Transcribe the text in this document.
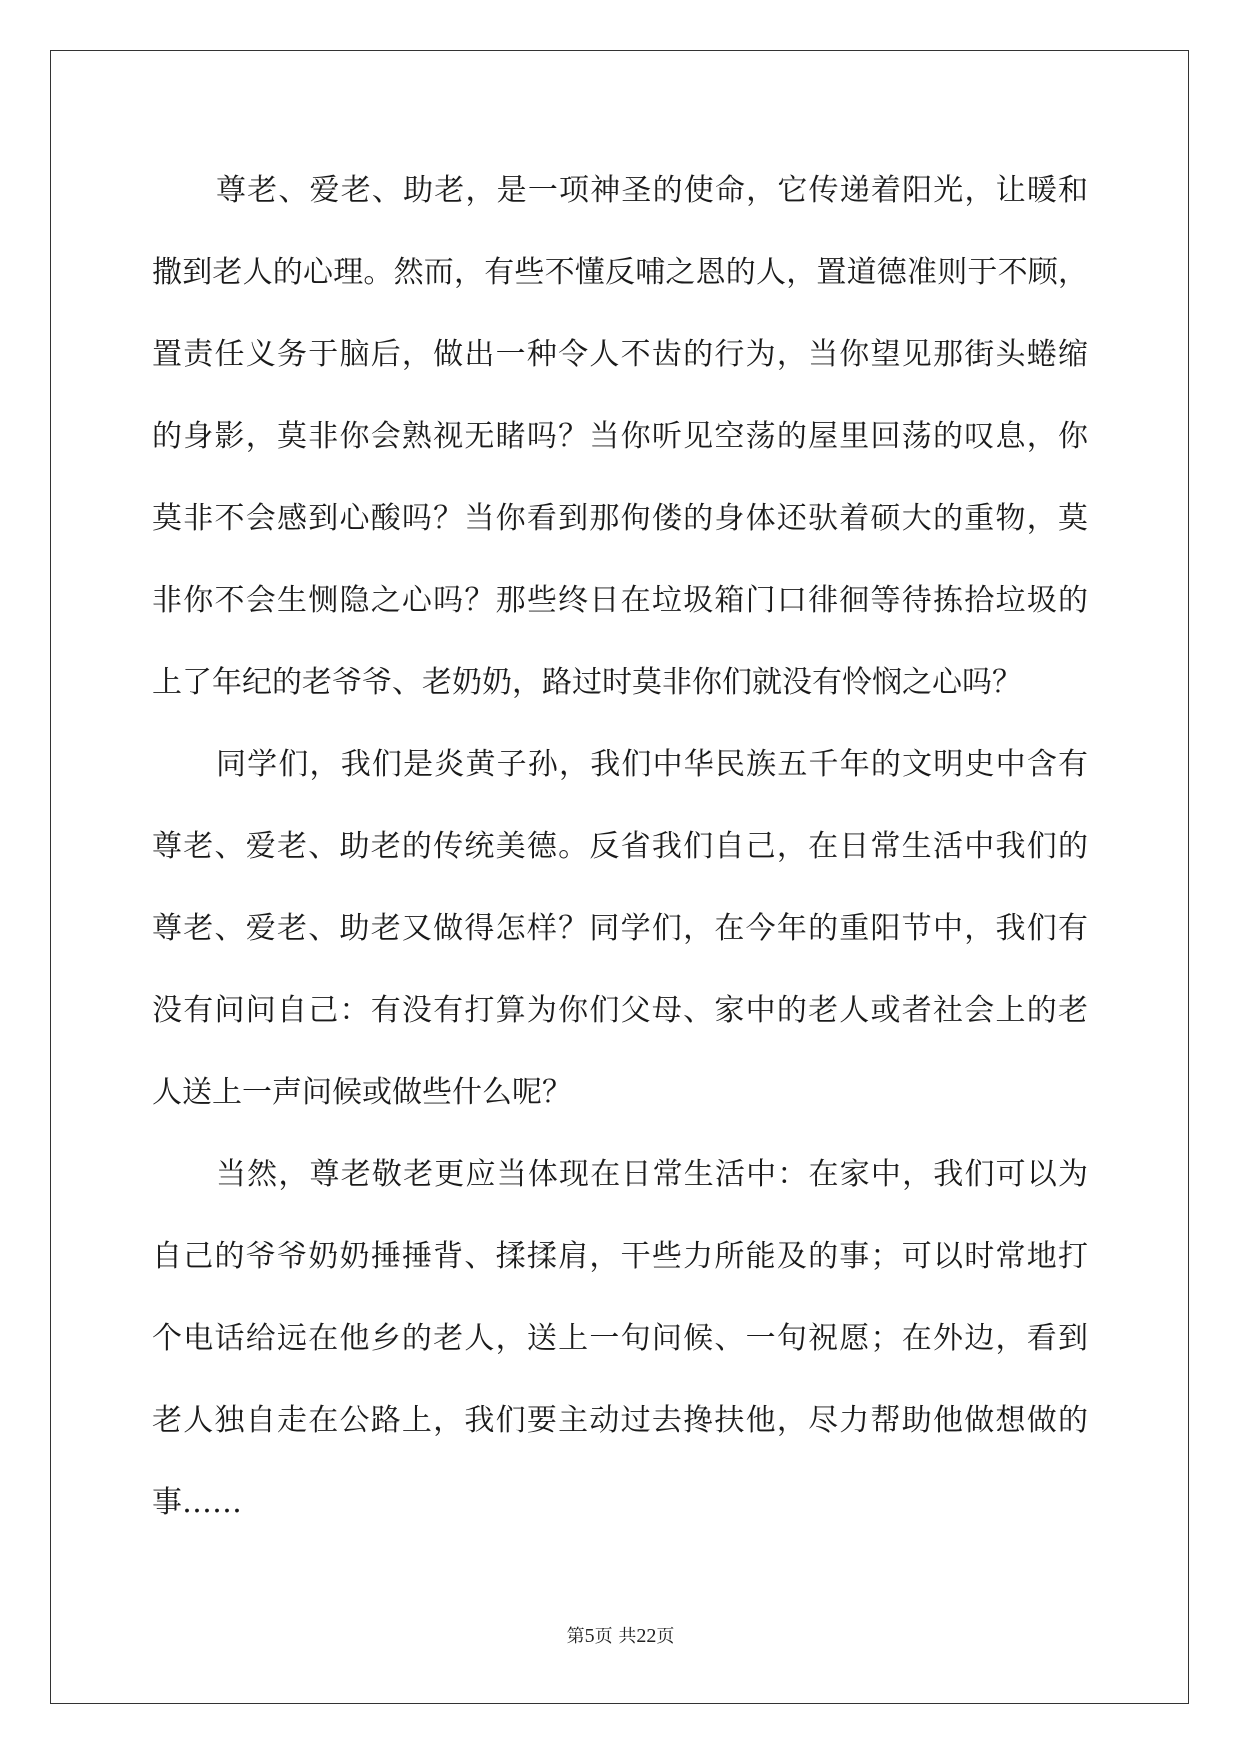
尊老、爱老、助老，是一项神圣的使命，它传递着阳光，让暖和
撒到老人的心理。然而，有些不懂反哺之恩的人，置道德准则于不顾，
置责任义务于脑后，做出一种令人不齿的行为，当你望见那街头蜷缩
的身影，莫非你会熟视无睹吗？当你听见空荡的屋里回荡的叹息，你
莫非不会感到心酸吗？当你看到那佝偻的身体还驮着硕大的重物，莫
非你不会生恻隐之心吗？那些终日在垃圾箱门口徘徊等待拣拾垃圾的
上了年纪的老爷爷、老奶奶，路过时莫非你们就没有怜悯之心吗？
同学们，我们是炎黄子孙，我们中华民族五千年的文明史中含有
尊老、爱老、助老的传统美德。反省我们自己，在日常生活中我们的
尊老、爱老、助老又做得怎样？同学们，在今年的重阳节中，我们有
没有问问自己：有没有打算为你们父母、家中的老人或者社会上的老
人送上一声问候或做些什么呢？
当然，尊老敬老更应当体现在日常生活中：在家中，我们可以为
自己的爷爷奶奶捶捶背、揉揉肩，干些力所能及的事；可以时常地打
个电话给远在他乡的老人，送上一句问候、一句祝愿；在外边，看到
老人独自走在公路上，我们要主动过去搀扶他，尽力帮助他做想做的
事……
第5页 共22页
